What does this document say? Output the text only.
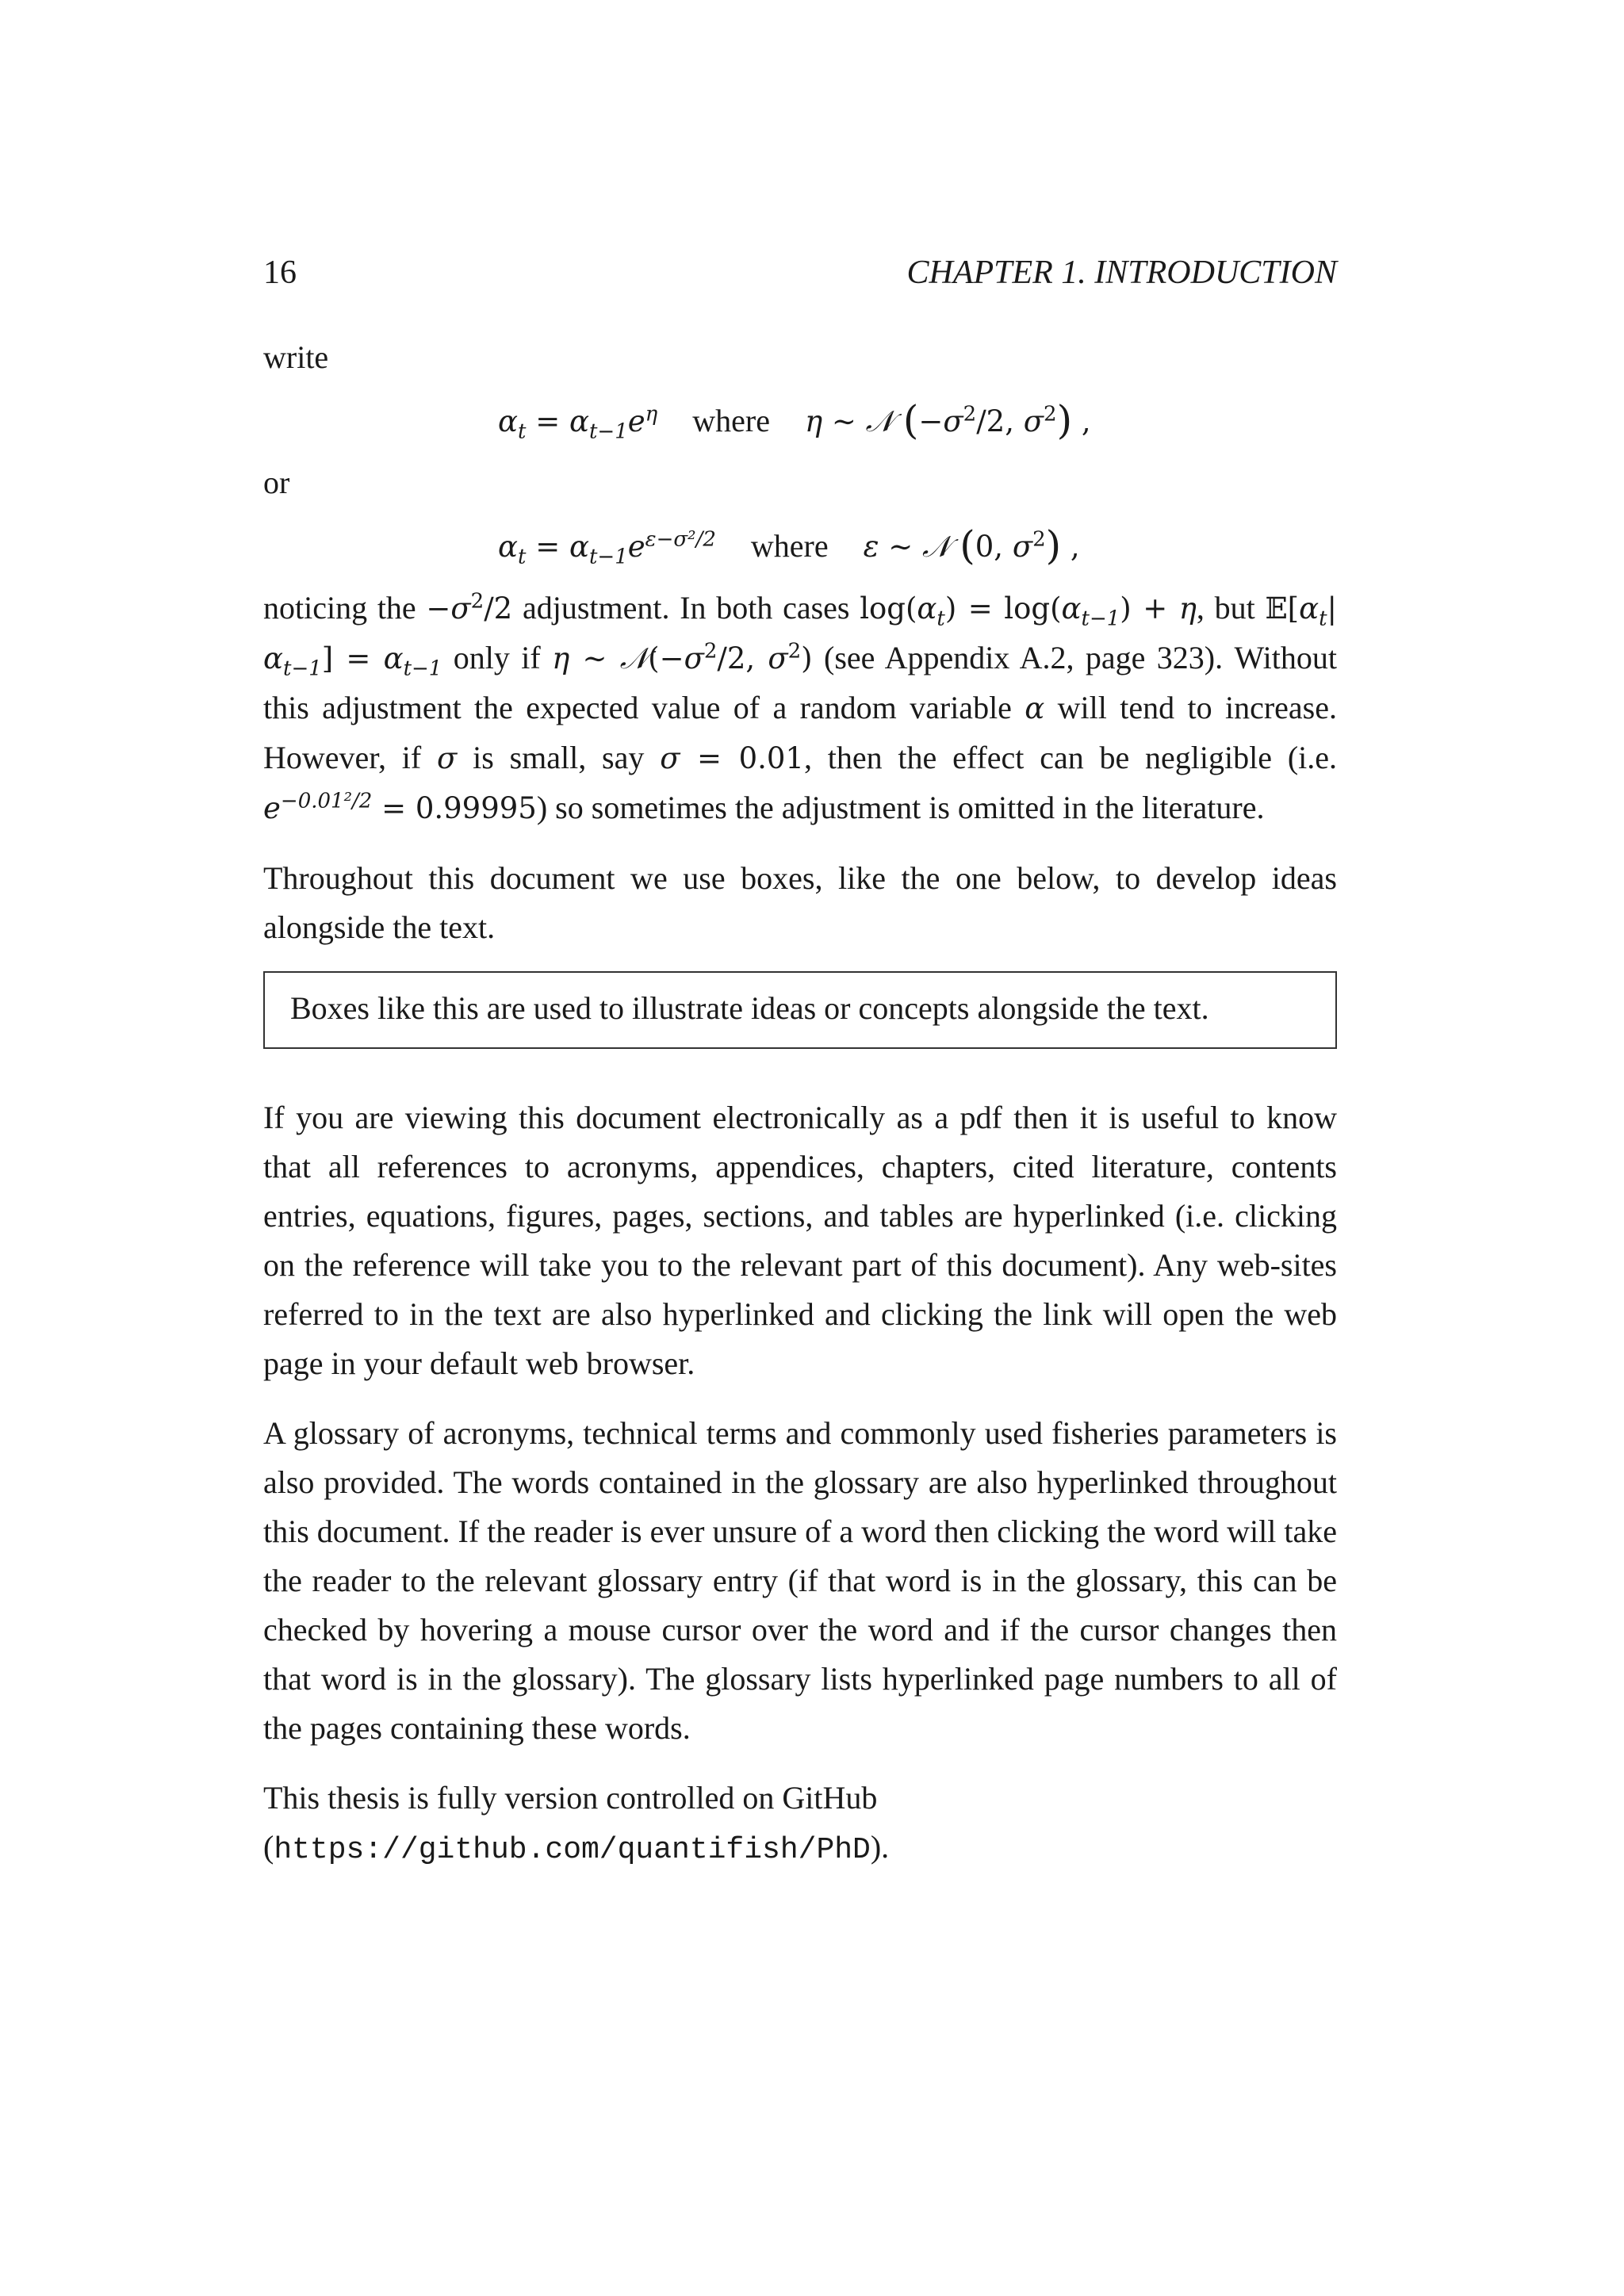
16	CHAPTER 1. INTRODUCTION

write

$\alpha_t = \alpha_{t-1}e^\eta$ where η ∼ 𝒩 ($-\sigma^2/2$, $\sigma^2$) ,

or

$\alpha_t = \alpha_{t-1}e^{\varepsilon-\sigma^2/2}$ where ε ∼ 𝒩 (0, $\sigma^2$) ,

noticing the $-\sigma^2/2$ adjustment. In both cases $\log(\alpha_t) = \log(\alpha_{t-1}) + \eta$, but $𝔼[\alpha_t|\alpha_{t-1}] = \alpha_{t-1}$ only if η ∼ $𝒩(-\sigma^2/2$, $\sigma^2$) (see Appendix A.2, page 323). Without this adjustment the expected value of a random variable α will tend to increase. However, if σ is small, say σ = 0.01, then the effect can be negligible (i.e. $e^{-0.01^2/2} = 0.99995$) so sometimes the adjustment is omitted in the literature.

Throughout this document we use boxes, like the one below, to develop ideas alongside the text.

Boxes like this are used to illustrate ideas or concepts alongside the text.

If you are viewing this document electronically as a pdf then it is useful to know that all references to acronyms, appendices, chapters, cited literature, contents entries, equations, figures, pages, sections, and tables are hyperlinked (i.e. clicking on the reference will take you to the relevant part of this document). Any web-sites referred to in the text are also hyperlinked and clicking the link will open the web page in your default web browser.

A glossary of acronyms, technical terms and commonly used fisheries parameters is also provided. The words contained in the glossary are also hyperlinked throughout this document. If the reader is ever unsure of a word then clicking the word will take the reader to the relevant glossary entry (if that word is in the glossary, this can be checked by hovering a mouse cursor over the word and if the cursor changes then that word is in the glossary). The glossary lists hyperlinked page numbers to all of the pages containing these words.

This thesis is fully version controlled on GitHub (https://github.com/quantifish/PhD).
